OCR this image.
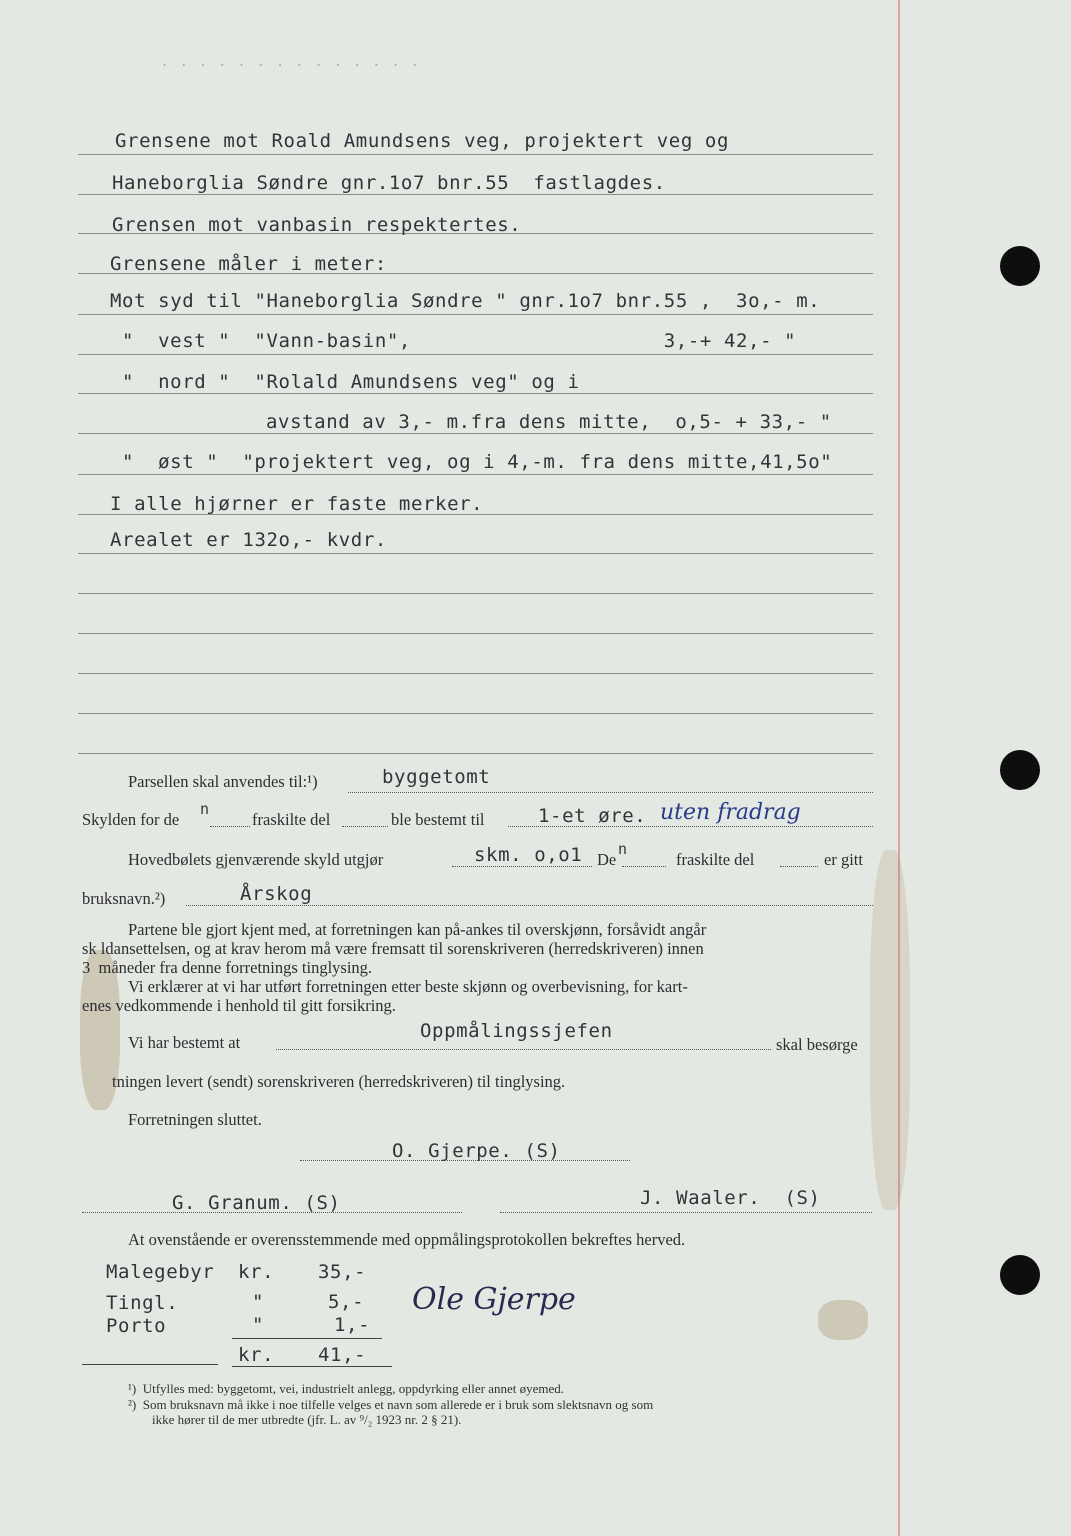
. . . . . . . . . . . . . .
Grensene mot Roald Amundsens veg, projektert veg og
Haneborglia Søndre gnr.1o7 bnr.55  fastlagdes.
Grensen mot vanbasin respektertes.
Grensene måler i meter:
Mot syd til "Haneborglia Søndre " gnr.1o7 bnr.55 ,  3o,- m.
"  vest "  "Vann-basin",                     3,-+ 42,- "
"  nord "  "Rolald Amundsens veg" og i
avstand av 3,- m.fra dens mitte,  o,5- + 33,- "
"  øst "  "projektert veg, og i 4,-m. fra dens mitte,41,5o"
I alle hjørner er faste merker.
Arealet er 132o,- kvdr.
Parsellen skal anvendes til:¹)	byggetomt
Skylden for de
n
fraskilte del	ble bestemt til	1-et øre. uten fradrag
Hovedbølets gjenværende skyld utgjør	skm. o,o1 De
n
fraskilte del	er gitt
bruksnavn.²)	Årskog
Partene ble gjort kjent med, at forretningen kan på-ankes til overskjønn, forsåvidt angår
sk ldansettelsen, og at krav herom må være fremsatt til sorenskriveren (herredskriveren) innen
3  måneder fra denne forretnings tinglysing.
Vi erklærer at vi har utført forretningen etter beste skjønn og overbevisning, for kart-
enes vedkommende i henhold til gitt forsikring.
Vi har bestemt at
Oppmålingssjefen
skal besørge
tningen levert (sendt) sorenskriveren (herredskriveren) til tinglysing.
Forretningen sluttet.
O. Gjerpe. (S)
G. Granum. (S)	J. Waaler.  (S)
At ovenstående er overensstemmende med oppmålingsprotokollen bekreftes herved.
Malegebyr kr. 35,-
Tingl.	"	5,-
Porto	"	1,-
kr. 41,-
Ole Gjerpe
¹)  Utfylles med: byggetomt, vei, industrielt anlegg, oppdyrking eller annet øyemed.
²)  Som bruksnavn må ikke i noe tilfelle velges et navn som allerede er i bruk som slektsnavn og som
ikke hører til de mer utbredte (jfr. L. av ⁹/₂ 1923 nr. 2 § 21).
